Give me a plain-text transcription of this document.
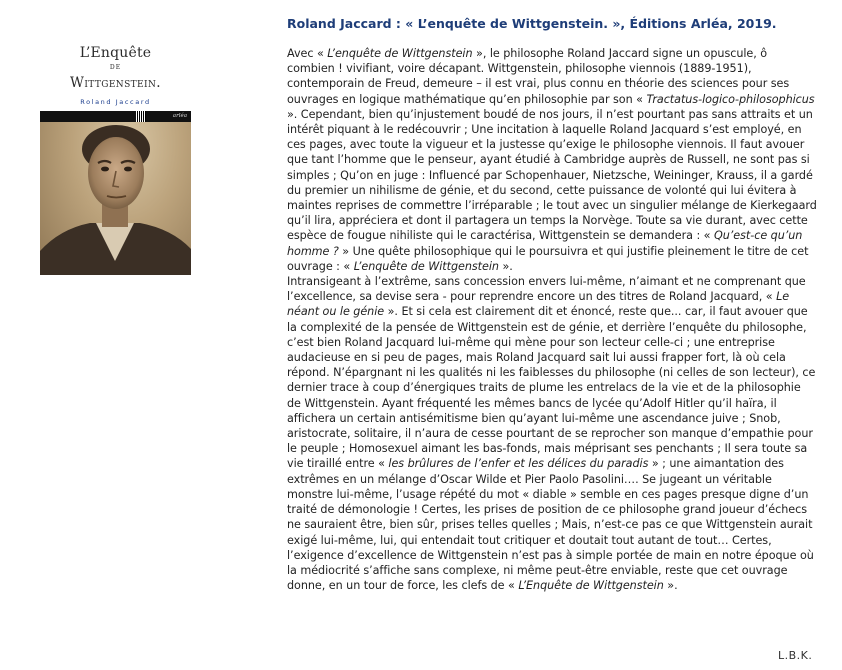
L’Enquête
de
Wittgenstein.
Roland Jaccard
arléa
Roland Jaccard : « L’enquête de Wittgenstein. », Éditions Arléa, 2019.

Avec « L’enquête de Wittgenstein », le philosophe Roland Jaccard signe un opuscule, ô combien ! vivifiant, voire décapant. Wittgenstein, philosophe viennois (1889-1951), contemporain de Freud, demeure – il est vrai, plus connu en théorie des sciences pour ses ouvrages en logique mathématique qu’en philosophie par son « Tractatus-logico-philosophicus ». Cependant, bien qu’injustement boudé de nos jours, il n’est pourtant pas sans attraits et un intérêt piquant à le redécouvrir ; Une incitation à laquelle Roland Jacquard s’est employé, en ces pages, avec toute la vigueur et la justesse qu’exige le philosophe viennois. Il faut avouer que tant l’homme que le penseur, ayant étudié à Cambridge auprès de Russell, ne sont pas si simples ; Qu’on en juge : Influencé par Schopenhauer, Nietzsche, Weininger, Krauss, il a gardé du premier un nihilisme de génie, et du second, cette puissance de volonté qui lui évitera à maintes reprises de commettre l’irréparable ; le tout avec un singulier mélange de Kierkegaard qu’il lira, appréciera et dont il partagera un temps la Norvège. Toute sa vie durant, avec cette espèce de fougue nihiliste qui le caractérisa, Wittgenstein se demandera : « Qu’est-ce qu’un homme ? » Une quête philosophique qui le poursuivra et qui justifie pleinement le titre de cet ouvrage : « L’enquête de Wittgenstein ».

Intransigeant à l’extrême, sans concession envers lui-même, n’aimant et ne comprenant que l’excellence, sa devise sera - pour reprendre encore un des titres de Roland Jacquard, « Le néant ou le génie ». Et si cela est clairement dit et énoncé, reste que... car, il faut avouer que la complexité de la pensée de Wittgenstein est de génie, et derrière l’enquête du philosophe, c’est bien Roland Jacquard lui-même qui mène pour son lecteur celle-ci ; une entreprise audacieuse en si peu de pages, mais Roland Jacquard sait lui aussi frapper fort, là où cela répond. N’épargnant ni les qualités ni les faiblesses du philosophe (ni celles de son lecteur), ce dernier trace à coup d’énergiques traits de plume les entrelacs de la vie et de la philosophie de Wittgenstein. Ayant fréquenté les mêmes bancs de lycée qu’Adolf Hitler qu’il haïra, il affichera un certain antisémitisme bien qu’ayant lui-même une ascendance juive ; Snob, aristocrate, solitaire, il n’aura de cesse pourtant de se reprocher son manque d’empathie pour le peuple ; Homosexuel aimant les bas-fonds, mais méprisant ses penchants ; Il sera toute sa vie tiraillé entre « les brûlures de l’enfer et les délices du paradis » ; une aimantation des extrêmes en un mélange d’Oscar Wilde et Pier Paolo Pasolini…. Se jugeant un véritable monstre lui-même, l’usage répété du mot « diable » semble en ces pages presque digne d’un traité de démonologie ! Certes, les prises de position de ce philosophe grand joueur d’échecs ne sauraient être, bien sûr, prises telles quelles ; Mais, n’est-ce pas ce que Wittgenstein aurait exigé lui-même, lui, qui entendait tout critiquer et doutait tout autant de tout… Certes, l’exigence d’excellence de Wittgenstein n’est pas à simple portée de main en notre époque où la médiocrité s’affiche sans complexe, ni même peut-être enviable, reste que cet ouvrage donne, en un tour de force, les clefs de « L’Enquête de Wittgenstein ».

L.B.K.
